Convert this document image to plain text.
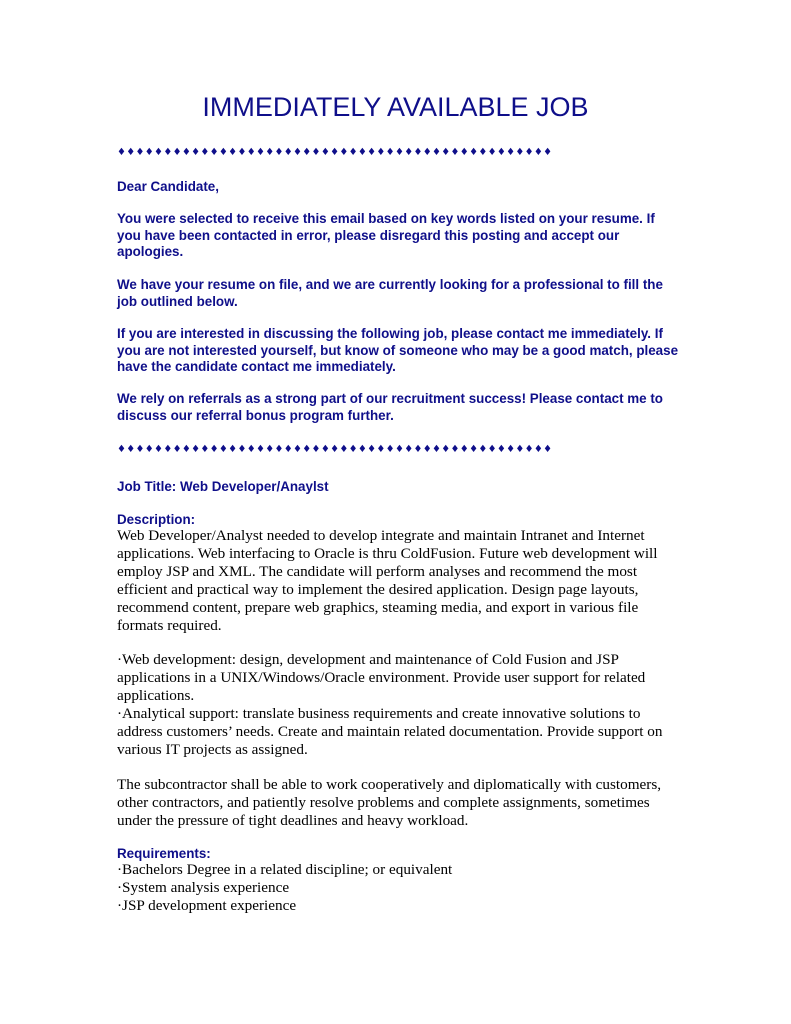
IMMEDIATELY AVAILABLE JOB
♦♦♦♦♦♦♦♦♦♦♦♦♦♦♦♦♦♦♦♦♦♦♦♦♦♦♦♦♦♦♦♦♦♦♦♦♦♦♦♦♦♦♦♦♦♦♦
Dear Candidate,
You were selected to receive this email based on key words listed on your resume. If you have been contacted in error, please disregard this posting and accept our apologies.
We have your resume on file, and we are currently looking for a professional to fill the job outlined below.
If you are interested in discussing the following job, please contact me immediately. If you are not interested yourself, but know of someone who may be a good match, please have the candidate contact me immediately.
We rely on referrals as a strong part of our recruitment success! Please contact me to discuss our referral bonus program further.
♦♦♦♦♦♦♦♦♦♦♦♦♦♦♦♦♦♦♦♦♦♦♦♦♦♦♦♦♦♦♦♦♦♦♦♦♦♦♦♦♦♦♦♦♦♦♦
Job Title: Web Developer/Anaylst
Description:
Web Developer/Analyst needed to develop integrate and maintain Intranet and Internet applications. Web interfacing to Oracle is thru ColdFusion. Future web development will employ JSP and XML. The candidate will perform analyses and recommend the most efficient and practical way to implement the desired application. Design page layouts, recommend content, prepare web graphics, steaming media, and export in various file formats required.
·Web development: design, development and maintenance of Cold Fusion and JSP applications in a UNIX/Windows/Oracle environment. Provide user support for related applications.
·Analytical support: translate business requirements and create innovative solutions to address customers’ needs. Create and maintain related documentation. Provide support on various IT projects as assigned.
The subcontractor shall be able to work cooperatively and diplomatically with customers, other contractors, and patiently resolve problems and complete assignments, sometimes under the pressure of tight deadlines and heavy workload.
Requirements:

·Bachelors Degree in a related discipline; or equivalent

·System analysis experience

·JSP development experience
